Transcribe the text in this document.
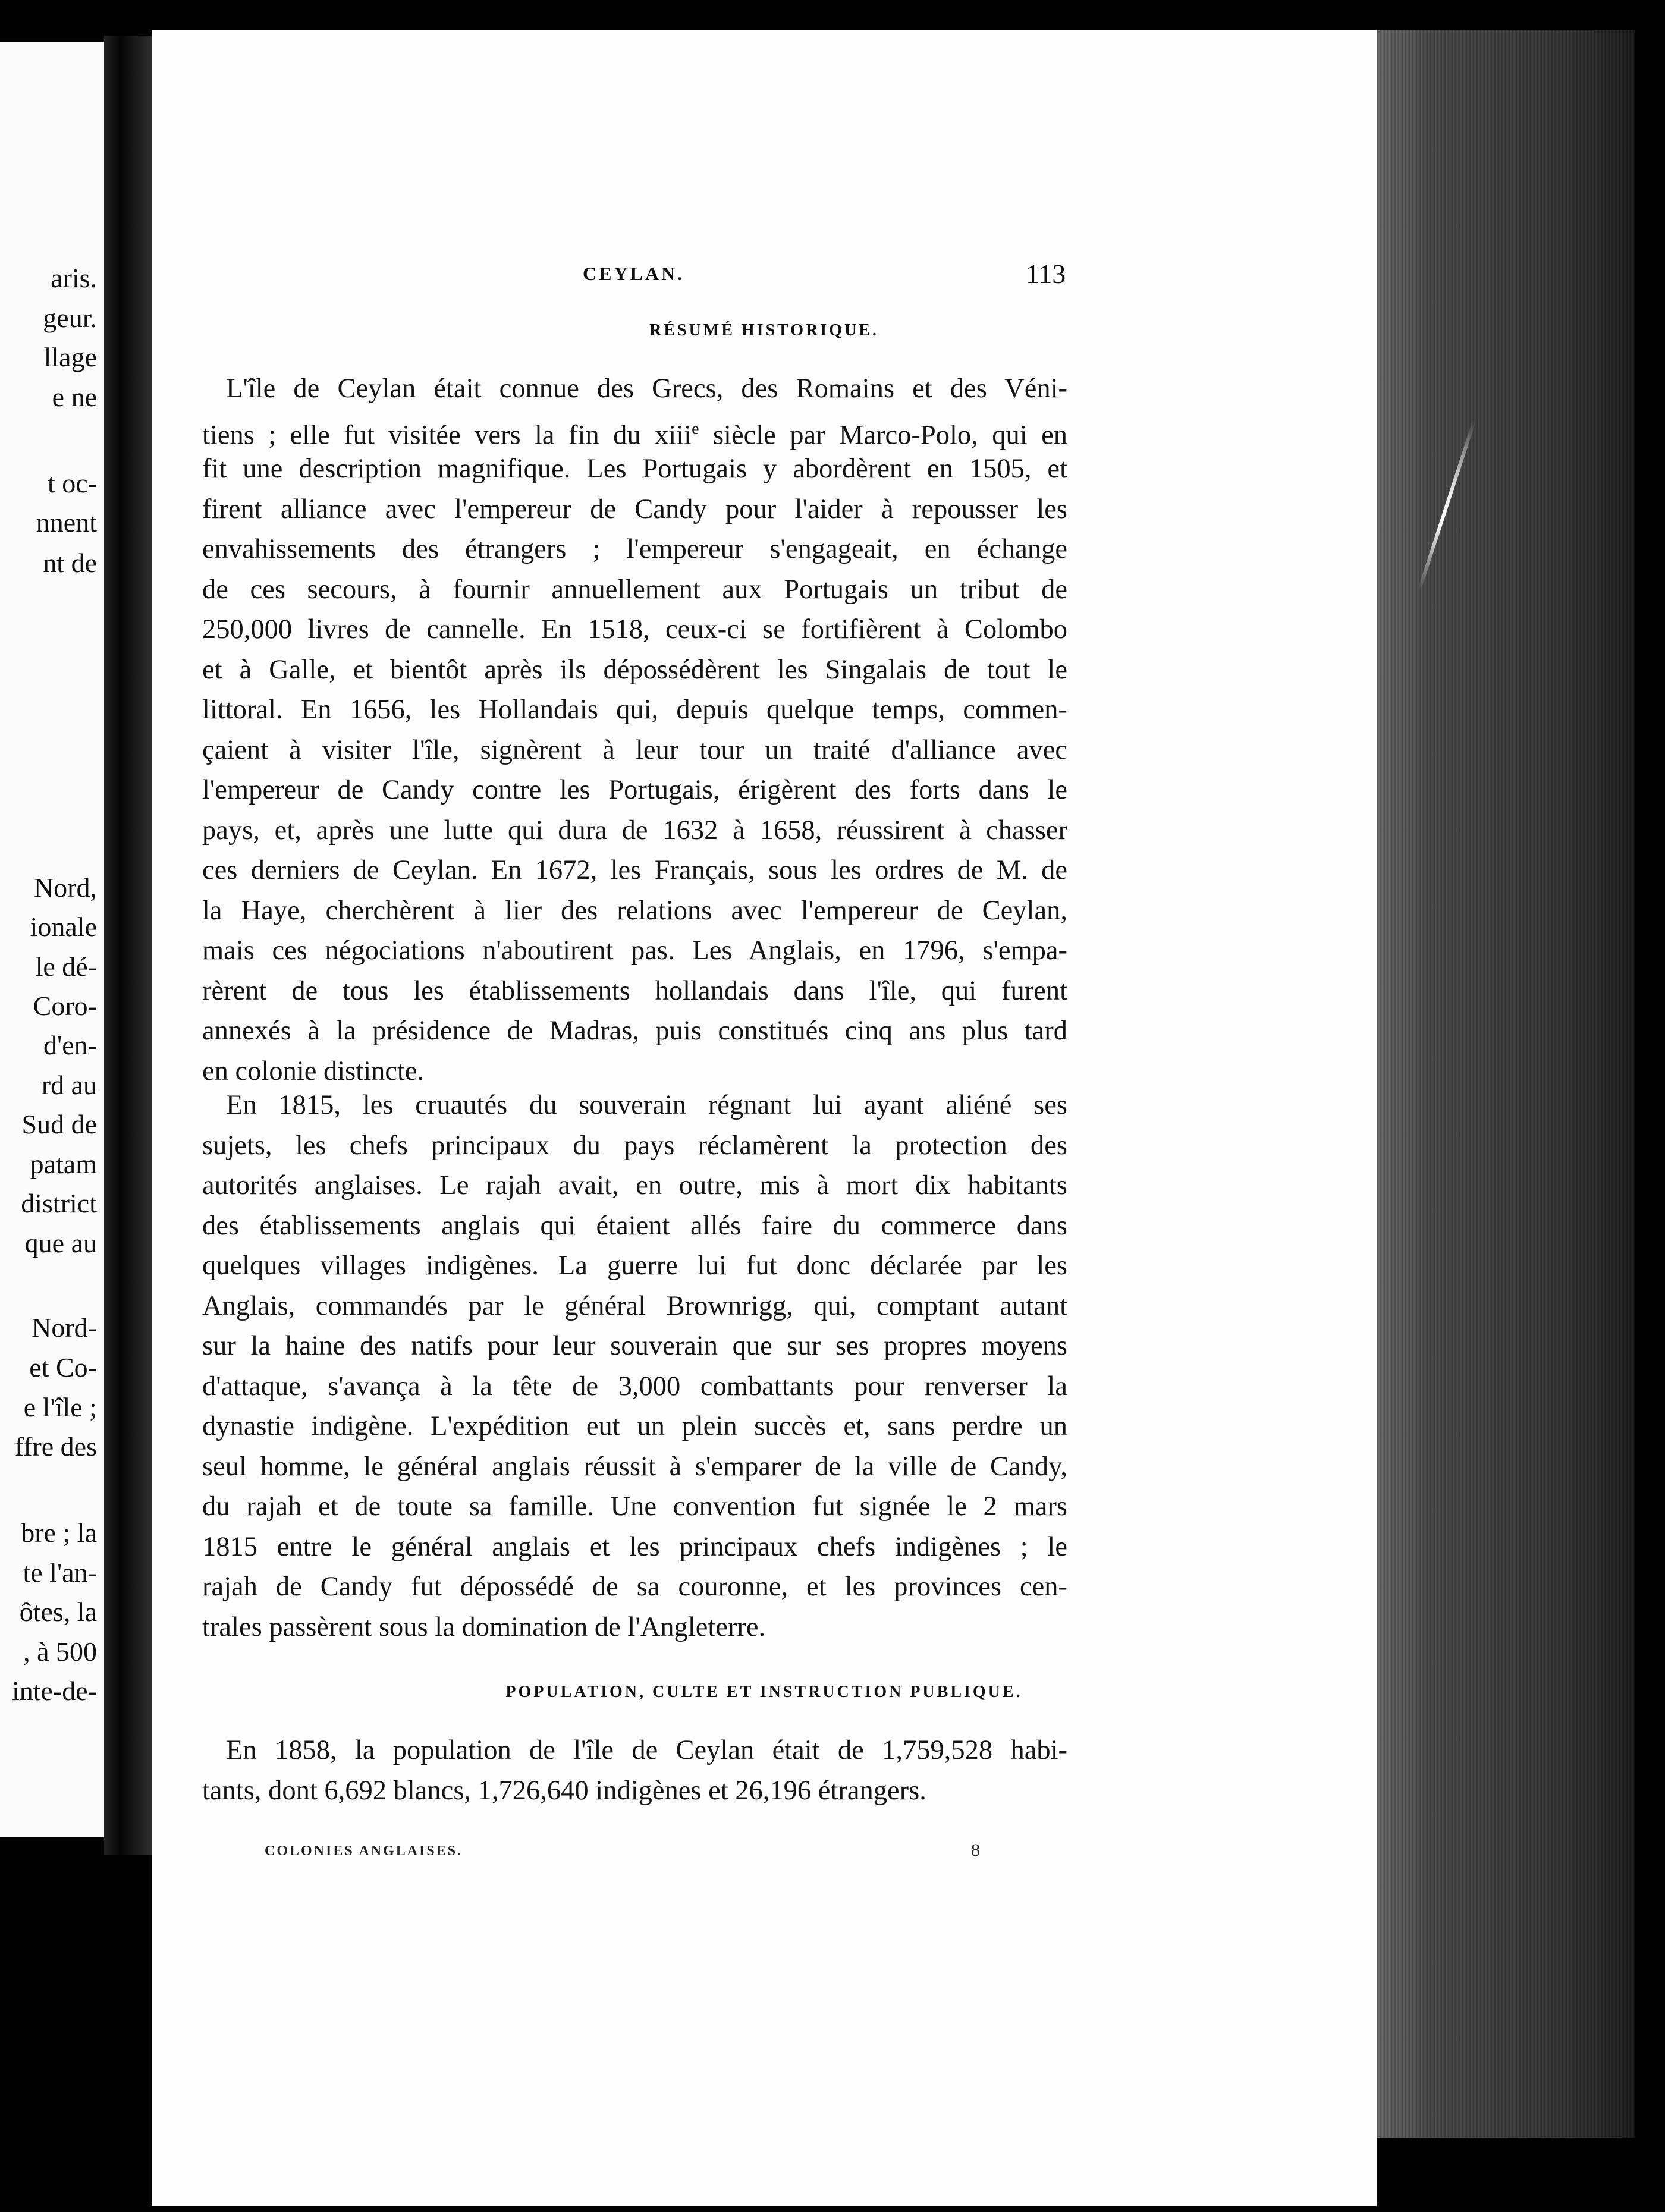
aris.
geur.
llage
e ne
t oc-
nnent
nt de
Nord,
ionale
le dé-
Coro-
d'en-
rd au
Sud de
patam
district
que au
Nord-
et Co-
e l'île ;
ffre des
bre ; la
te l'an-
ôtes, la
, à 500
inte-de-
CEYLAN.	113
RÉSUMÉ HISTORIQUE.
L'île de Ceylan était connue des Grecs, des Romains et des Véni-
tiens ; elle fut visitée vers la fin du xiii$^e$ siècle par Marco-Polo, qui en
fit une description magnifique. Les Portugais y abordèrent en 1505, et
firent alliance avec l'empereur de Candy pour l'aider à repousser les
envahissements des étrangers ; l'empereur s'engageait, en échange
de ces secours, à fournir annuellement aux Portugais un tribut de
250,000 livres de cannelle. En 1518, ceux-ci se fortifièrent à Colombo
et à Galle, et bientôt après ils dépossédèrent les Singalais de tout le
littoral. En 1656, les Hollandais qui, depuis quelque temps, commen-
çaient à visiter l'île, signèrent à leur tour un traité d'alliance avec
l'empereur de Candy contre les Portugais, érigèrent des forts dans le
pays, et, après une lutte qui dura de 1632 à 1658, réussirent à chasser
ces derniers de Ceylan. En 1672, les Français, sous les ordres de M. de
la Haye, cherchèrent à lier des relations avec l'empereur de Ceylan,
mais ces négociations n'aboutirent pas. Les Anglais, en 1796, s'empa-
rèrent de tous les établissements hollandais dans l'île, qui furent
annexés à la présidence de Madras, puis constitués cinq ans plus tard
en colonie distincte.
En 1815, les cruautés du souverain régnant lui ayant aliéné ses
sujets, les chefs principaux du pays réclamèrent la protection des
autorités anglaises. Le rajah avait, en outre, mis à mort dix habitants
des établissements anglais qui étaient allés faire du commerce dans
quelques villages indigènes. La guerre lui fut donc déclarée par les
Anglais, commandés par le général Brownrigg, qui, comptant autant
sur la haine des natifs pour leur souverain que sur ses propres moyens
d'attaque, s'avança à la tête de 3,000 combattants pour renverser la
dynastie indigène. L'expédition eut un plein succès et, sans perdre un
seul homme, le général anglais réussit à s'emparer de la ville de Candy,
du rajah et de toute sa famille. Une convention fut signée le 2 mars
1815 entre le général anglais et les principaux chefs indigènes ; le
rajah de Candy fut dépossédé de sa couronne, et les provinces cen-
trales passèrent sous la domination de l'Angleterre.
POPULATION, CULTE ET INSTRUCTION PUBLIQUE.
En 1858, la population de l'île de Ceylan était de 1,759,528 habi-
tants, dont 6,692 blancs, 1,726,640 indigènes et 26,196 étrangers.
COLONIES ANGLAISES.	8
